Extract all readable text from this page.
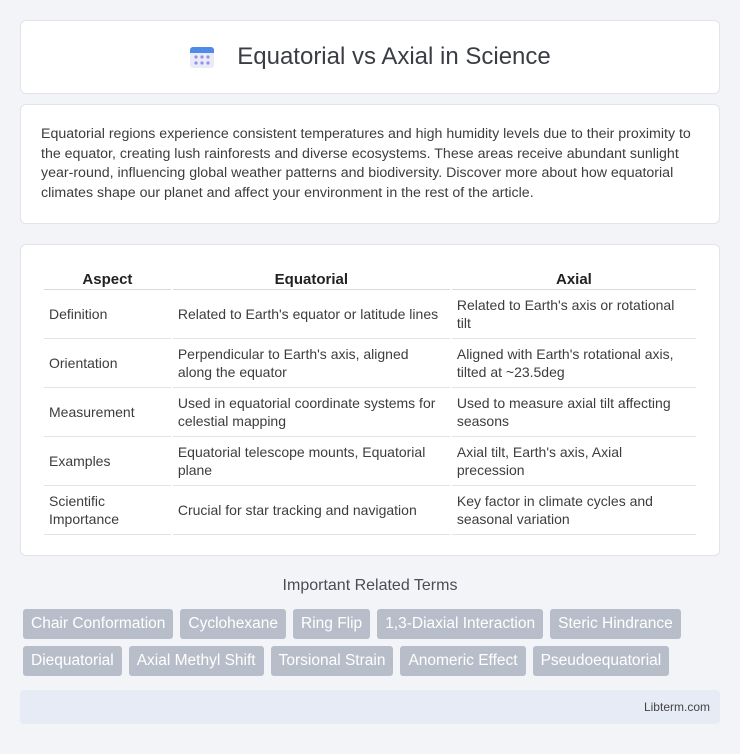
Equatorial vs Axial in Science

Equatorial regions experience consistent temperatures and high humidity levels due to their proximity to the equator, creating lush rainforests and diverse ecosystems. These areas receive abundant sunlight year-round, influencing global weather patterns and biodiversity. Discover more about how equatorial climates shape our planet and affect your environment in the rest of the article.

Aspect	Equatorial	Axial
Definition	Related to Earth's equator or latitude lines	Related to Earth's axis or rotational tilt
Orientation	Perpendicular to Earth's axis, aligned along the equator	Aligned with Earth's rotational axis, tilted at ~23.5deg
Measurement	Used in equatorial coordinate systems for celestial mapping	Used to measure axial tilt affecting seasons
Examples	Equatorial telescope mounts, Equatorial plane	Axial tilt, Earth's axis, Axial precession
Scientific Importance	Crucial for star tracking and navigation	Key factor in climate cycles and seasonal variation
Important Related Terms
Chair Conformation	Cyclohexane	Ring Flip	1,3-Diaxial Interaction	Steric Hindrance
Diequatorial	Axial Methyl Shift	Torsional Strain	Anomeric Effect	Pseudoequatorial
Libterm.com
